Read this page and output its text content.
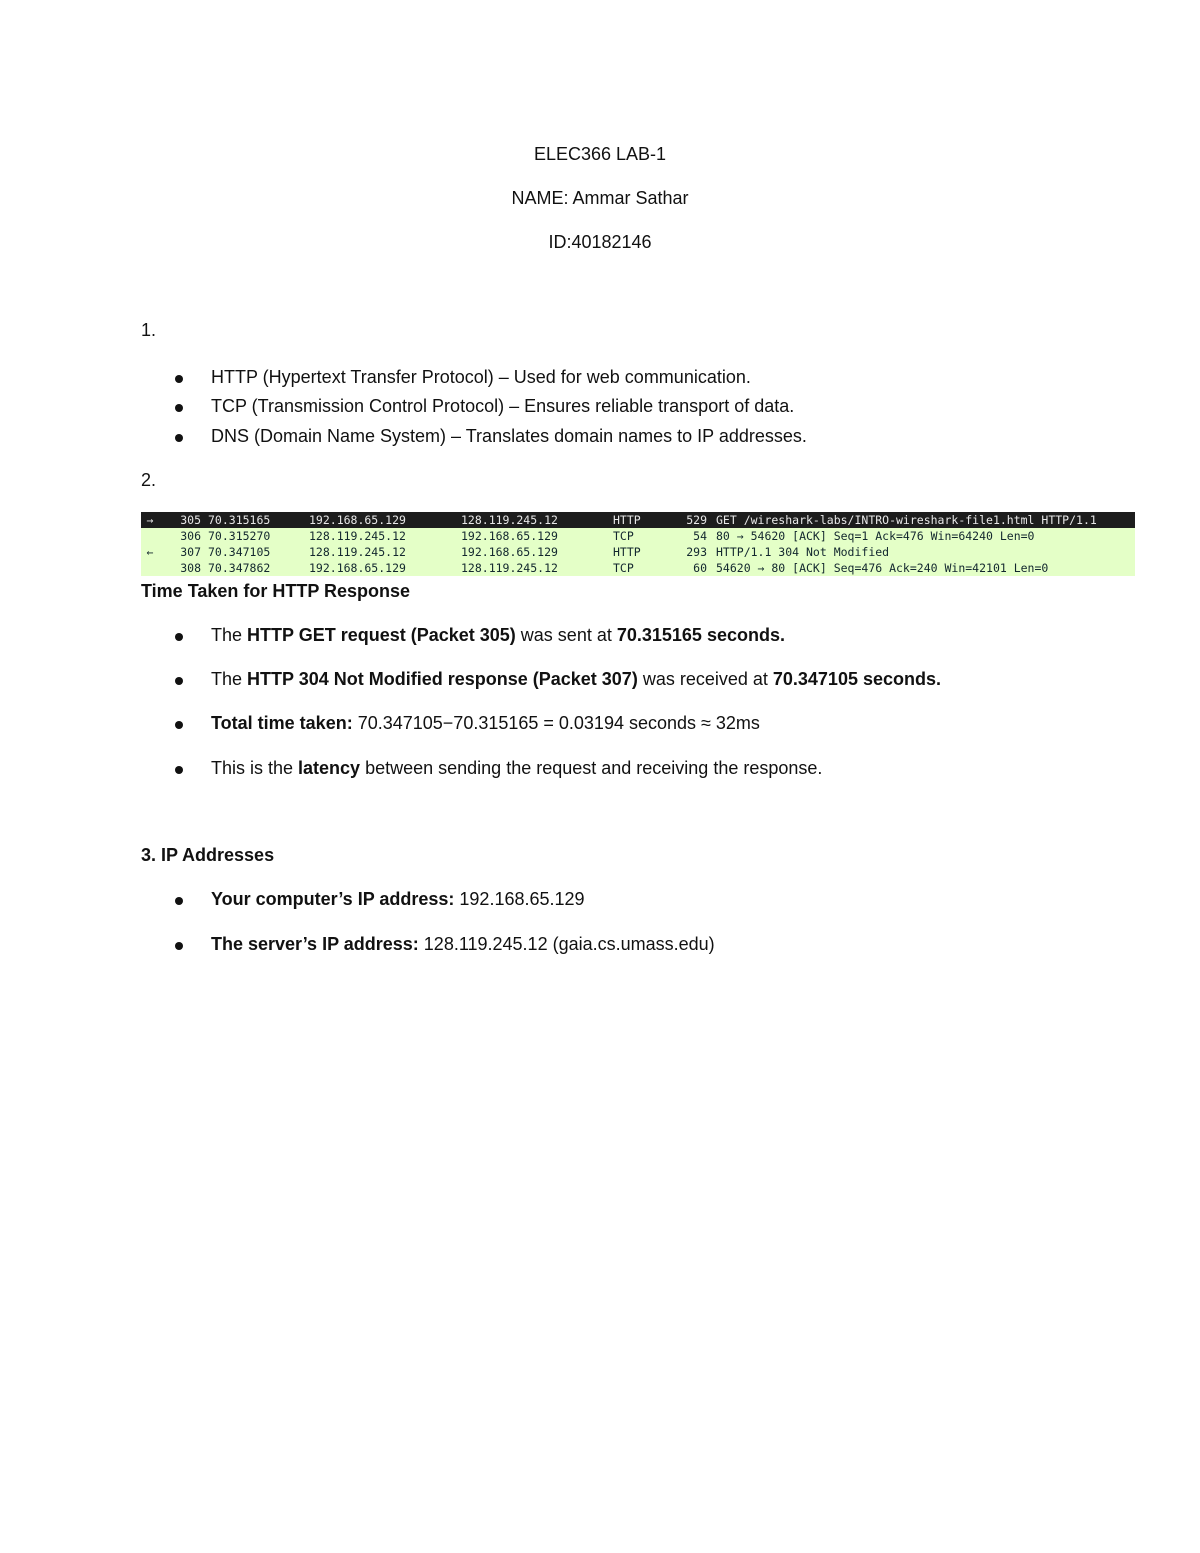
ELEC366 LAB-1
NAME: Ammar Sathar
ID:40182146
1.
HTTP (Hypertext Transfer Protocol) – Used for web communication.
TCP (Transmission Control Protocol) – Ensures reliable transport of data.
DNS (Domain Name System) – Translates domain names to IP addresses.
2.
→	305 70.315165	192.168.65.129	128.119.245.12	HTTP	529 GET /wireshark-labs/INTRO-wireshark-file1.html HTTP/1.1
306 70.315270	128.119.245.12	192.168.65.129	TCP	54 80 → 54620 [ACK] Seq=1 Ack=476 Win=64240 Len=0
←	307 70.347105	128.119.245.12	192.168.65.129	HTTP	293 HTTP/1.1 304 Not Modified
308 70.347862	192.168.65.129	128.119.245.12	TCP	60 54620 → 80 [ACK] Seq=476 Ack=240 Win=42101 Len=0
Time Taken for HTTP Response
The HTTP GET request (Packet 305) was sent at 70.315165 seconds.
The HTTP 304 Not Modified response (Packet 307) was received at 70.347105 seconds.
Total time taken: 70.347105−70.315165 = 0.03194 seconds ≈ 32ms
This is the latency between sending the request and receiving the response.
3. IP Addresses
Your computer’s IP address: 192.168.65.129
The server’s IP address: 128.119.245.12 (gaia.cs.umass.edu)
